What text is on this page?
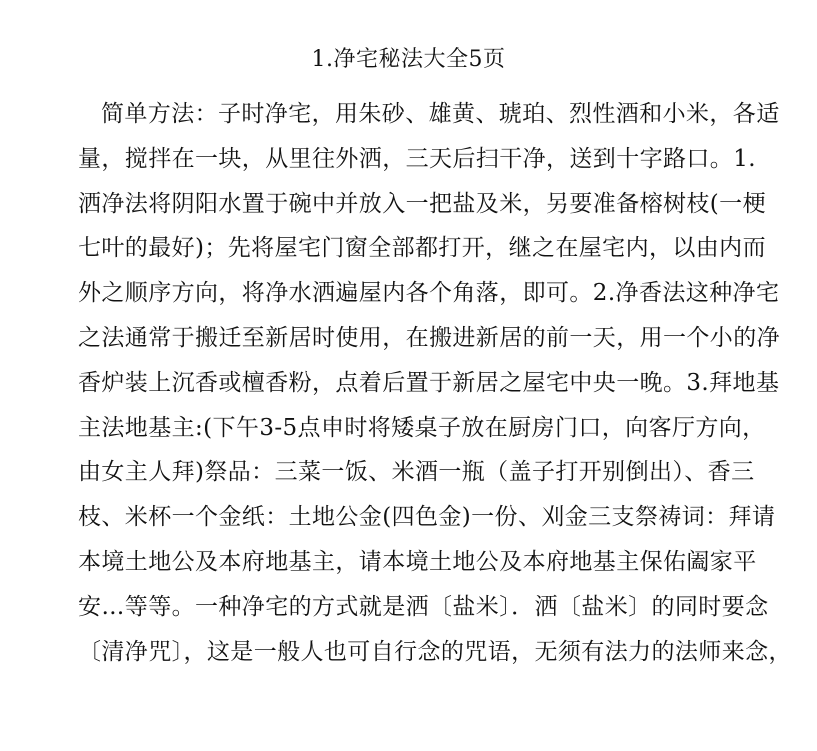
1.净宅秘法大全5页
简单方法：子时净宅，用朱砂、雄黄、琥珀、烈性酒和小米，各适
量，搅拌在一块，从里往外洒，三天后扫干净，送到十字路口。1.
洒净法将阴阳水置于碗中并放入一把盐及米，另要准备榕树枝(一梗
七叶的最好)；先将屋宅门窗全部都打开，继之在屋宅内，以由内而
外之顺序方向，将净水洒遍屋内各个角落，即可。2.净香法这种净宅
之法通常于搬迁至新居时使用，在搬进新居的前一天，用一个小的净
香炉装上沉香或檀香粉，点着后置于新居之屋宅中央一晚。3.拜地基
主法地基主:(下午3-5点申时将矮桌子放在厨房门口，向客厅方向，
由女主人拜)祭品：三菜一饭、米酒一瓶（盖子打开别倒出）、香三
枝、米杯一个金纸：土地公金(四色金)一份、刈金三支祭祷词：拜请
本境土地公及本府地基主，请本境土地公及本府地基主保佑阖家平
安…等等。一种净宅的方式就是洒〔盐米〕．洒〔盐米〕的同时要念
〔清净咒〕，这是一般人也可自行念的咒语，无须有法力的法师来念，
